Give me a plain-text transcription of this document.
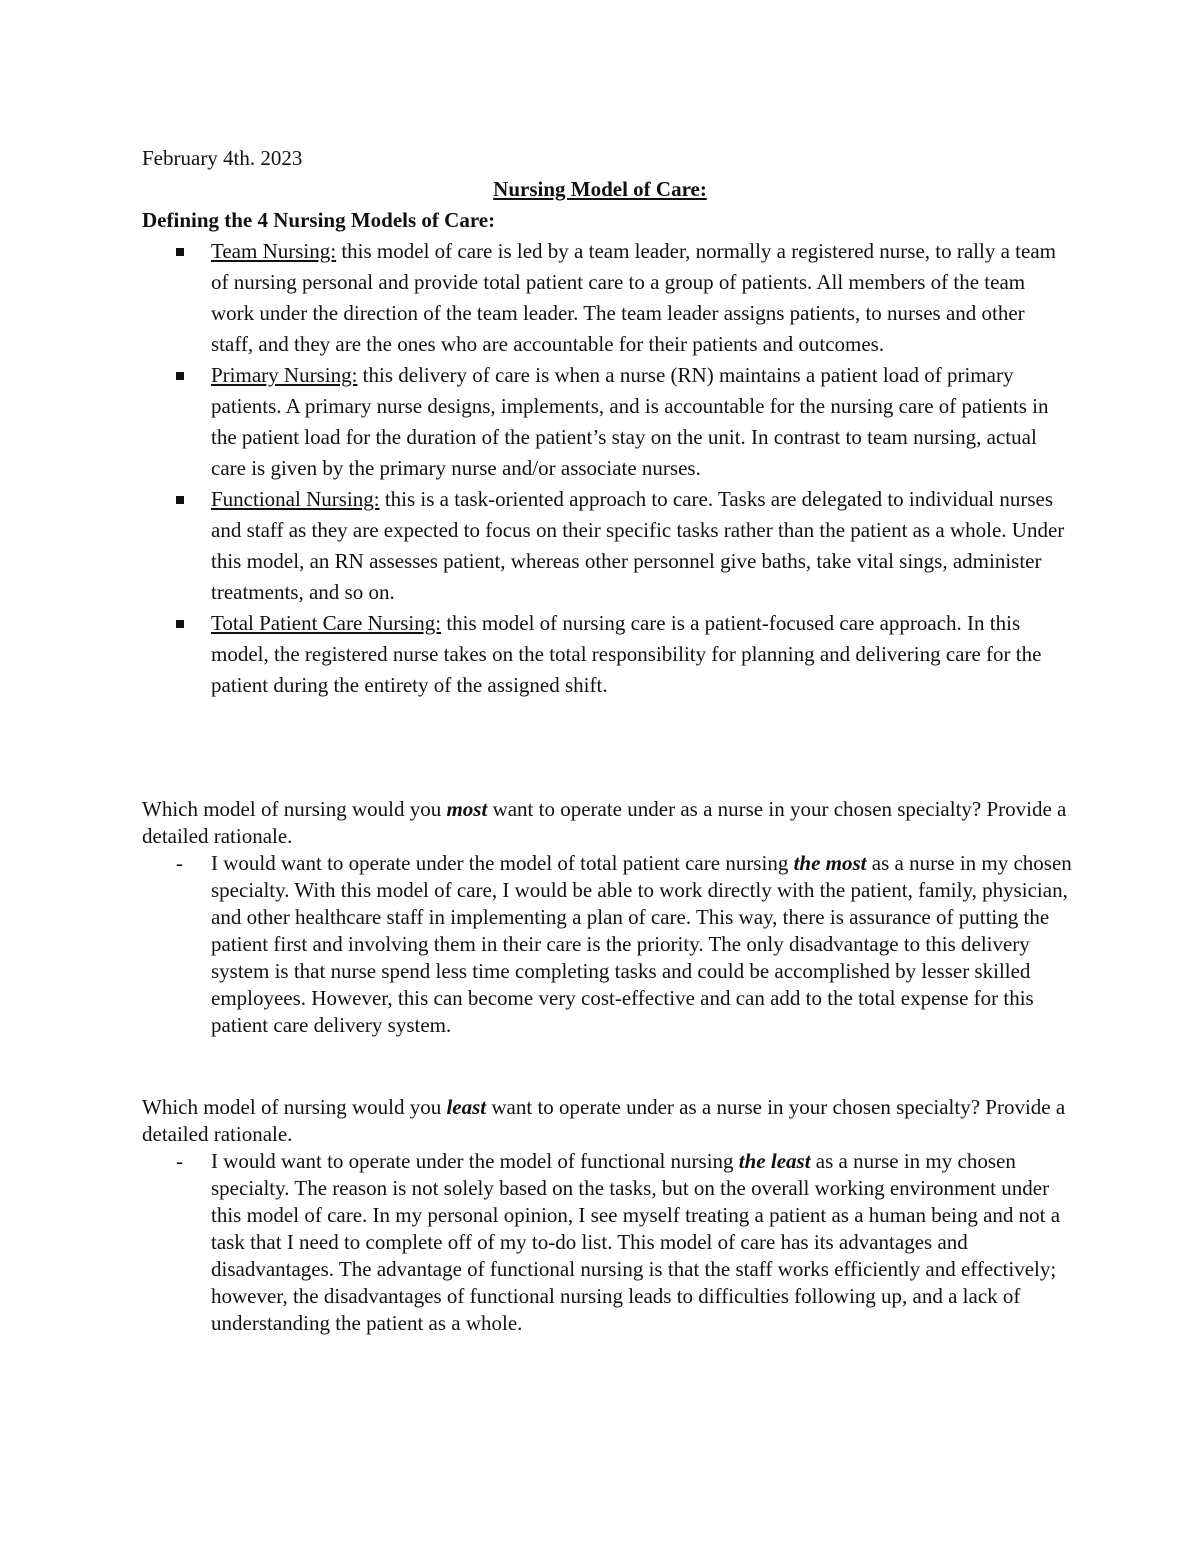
February 4th. 2023
Nursing Model of Care:
Defining the 4 Nursing Models of Care:
Team Nursing: this model of care is led by a team leader, normally a registered nurse, to rally a team of nursing personal and provide total patient care to a group of patients. All members of the team work under the direction of the team leader. The team leader assigns patients, to nurses and other staff, and they are the ones who are accountable for their patients and outcomes.
Primary Nursing: this delivery of care is when a nurse (RN) maintains a patient load of primary patients. A primary nurse designs, implements, and is accountable for the nursing care of patients in the patient load for the duration of the patient’s stay on the unit. In contrast to team nursing, actual care is given by the primary nurse and/or associate nurses.
Functional Nursing: this is a task-oriented approach to care. Tasks are delegated to individual nurses and staff as they are expected to focus on their specific tasks rather than the patient as a whole. Under this model, an RN assesses patient, whereas other personnel give baths, take vital sings, administer treatments, and so on.
Total Patient Care Nursing: this model of nursing care is a patient-focused care approach. In this model, the registered nurse takes on the total responsibility for planning and delivering care for the patient during the entirety of the assigned shift.
Which model of nursing would you most want to operate under as a nurse in your chosen specialty? Provide a detailed rationale.
- I would want to operate under the model of total patient care nursing the most as a nurse in my chosen specialty. With this model of care, I would be able to work directly with the patient, family, physician, and other healthcare staff in implementing a plan of care. This way, there is assurance of putting the patient first and involving them in their care is the priority. The only disadvantage to this delivery system is that nurse spend less time completing tasks and could be accomplished by lesser skilled employees. However, this can become very cost-effective and can add to the total expense for this patient care delivery system.
Which model of nursing would you least want to operate under as a nurse in your chosen specialty? Provide a detailed rationale.
- I would want to operate under the model of functional nursing the least as a nurse in my chosen specialty. The reason is not solely based on the tasks, but on the overall working environment under this model of care. In my personal opinion, I see myself treating a patient as a human being and not a task that I need to complete off of my to-do list. This model of care has its advantages and disadvantages. The advantage of functional nursing is that the staff works efficiently and effectively; however, the disadvantages of functional nursing leads to difficulties following up, and a lack of understanding the patient as a whole.
